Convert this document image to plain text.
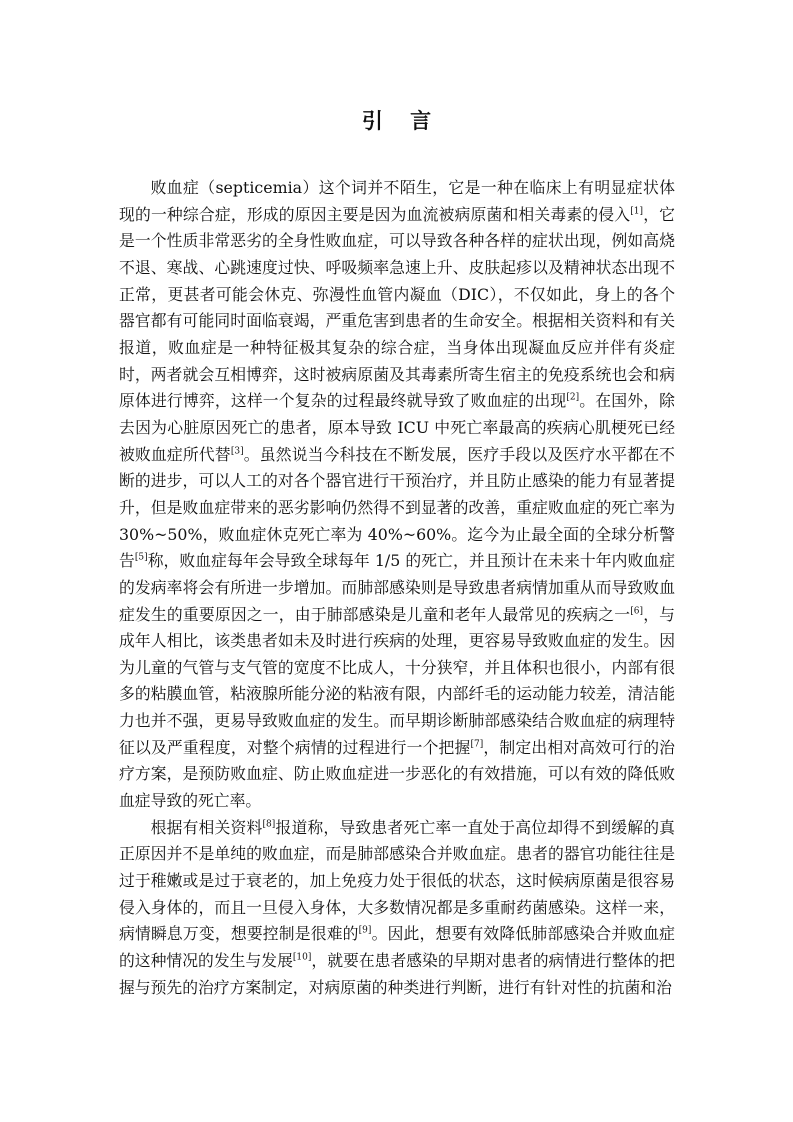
引 言

败血症（septicemia）这个词并不陌生，它是一种在临床上有明显症状体现的一种综合症，形成的原因主要是因为血流被病原菌和相关毒素的侵入[1]，它是一个性质非常恶劣的全身性败血症，可以导致各种各样的症状出现，例如高烧不退、寒战、心跳速度过快、呼吸频率急速上升、皮肤起疹以及精神状态出现不正常，更甚者可能会休克、弥漫性血管内凝血（DIC），不仅如此，身上的各个器官都有可能同时面临衰竭，严重危害到患者的生命安全。根据相关资料和有关报道，败血症是一种特征极其复杂的综合症，当身体出现凝血反应并伴有炎症时，两者就会互相博弈，这时被病原菌及其毒素所寄生宿主的免疫系统也会和病原体进行博弈，这样一个复杂的过程最终就导致了败血症的出现[2]。在国外，除去因为心脏原因死亡的患者，原本导致 ICU 中死亡率最高的疾病心肌梗死已经被败血症所代替[3]。虽然说当今科技在不断发展，医疗手段以及医疗水平都在不断的进步，可以人工的对各个器官进行干预治疗，并且防止感染的能力有显著提升，但是败血症带来的恶劣影响仍然得不到显著的改善，重症败血症的死亡率为 30%~50%，败血症休克死亡率为 40%~60%。迄今为止最全面的全球分析警告[5]称，败血症每年会导致全球每年 1/5 的死亡，并且预计在未来十年内败血症的发病率将会有所进一步增加。而肺部感染则是导致患者病情加重从而导致败血症发生的重要原因之一，由于肺部感染是儿童和老年人最常见的疾病之一[6]，与成年人相比，该类患者如未及时进行疾病的处理，更容易导致败血症的发生。因为儿童的气管与支气管的宽度不比成人，十分狭窄，并且体积也很小，内部有很多的粘膜血管，粘液腺所能分泌的粘液有限，内部纤毛的运动能力较差，清洁能力也并不强，更易导致败血症的发生。而早期诊断肺部感染结合败血症的病理特征以及严重程度，对整个病情的过程进行一个把握[7]，制定出相对高效可行的治疗方案，是预防败血症、防止败血症进一步恶化的有效措施，可以有效的降低败血症导致的死亡率。

根据有相关资料[8]报道称，导致患者死亡率一直处于高位却得不到缓解的真正原因并不是单纯的败血症，而是肺部感染合并败血症。患者的器官功能往往是过于稚嫩或是过于衰老的，加上免疫力处于很低的状态，这时候病原菌是很容易侵入身体的，而且一旦侵入身体，大多数情况都是多重耐药菌感染。这样一来，病情瞬息万变，想要控制是很难的[9]。因此，想要有效降低肺部感染合并败血症的这种情况的发生与发展[10]，就要在患者感染的早期对患者的病情进行整体的把握与预先的治疗方案制定，对病原菌的种类进行判断，进行有针对性的抗菌和治
